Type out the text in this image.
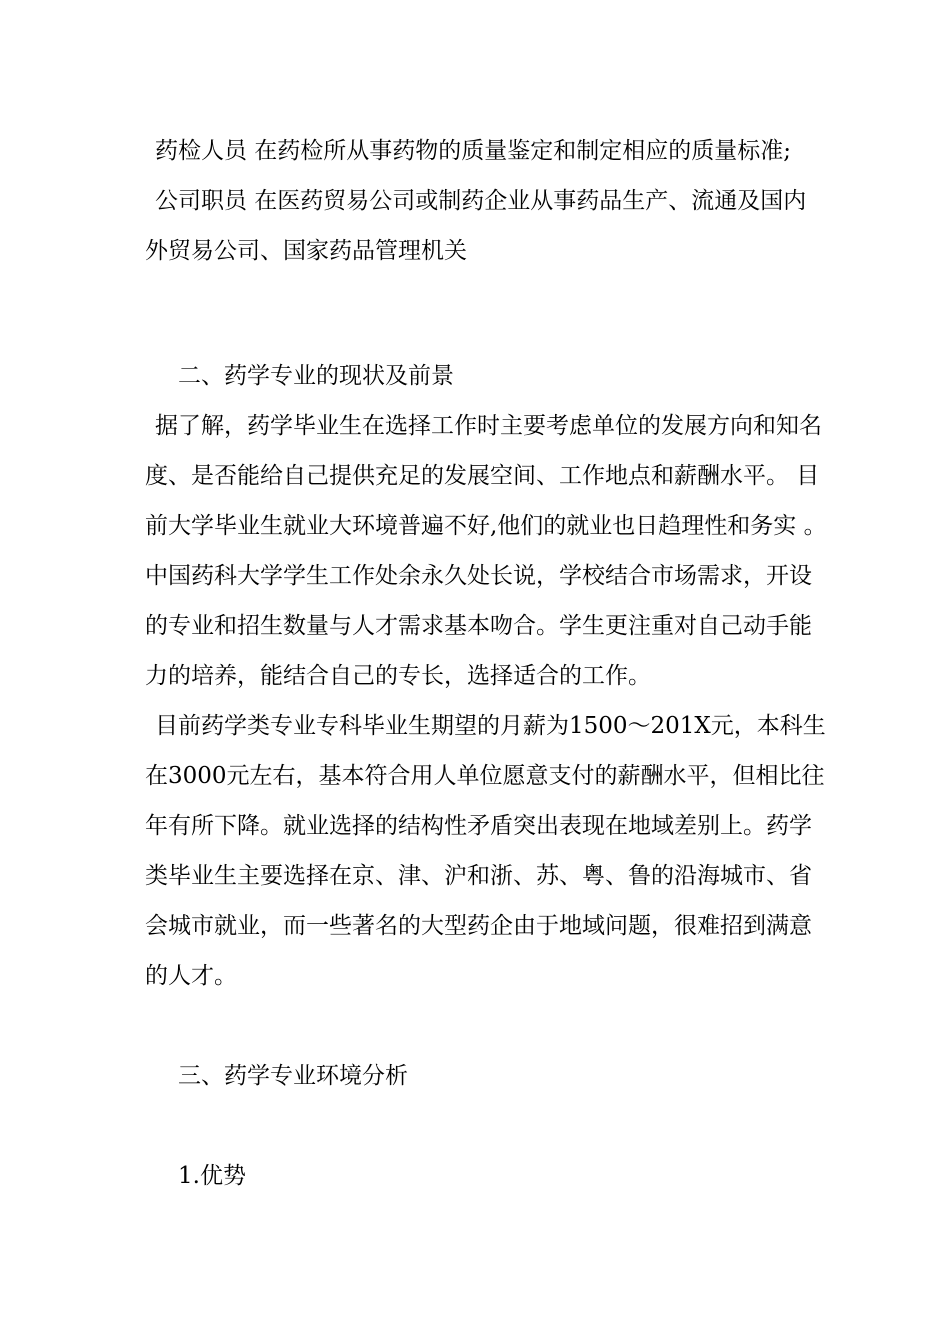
药检人员 在药检所从事药物的质量鉴定和制定相应的质量标准;
公司职员 在医药贸易公司或制药企业从事药品生产、流通及国内
外贸易公司、国家药品管理机关
二、药学专业的现状及前景
据了解，药学毕业生在选择工作时主要考虑单位的发展方向和知名
度、是否能给自己提供充足的发展空间、工作地点和薪酬水平。 目
前大学毕业生就业大环境普遍不好,他们的就业也日趋理性和务实 。
中国药科大学学生工作处余永久处长说，学校结合市场需求，开设
的专业和招生数量与人才需求基本吻合。学生更注重对自己动手能
力的培养，能结合自己的专长，选择适合的工作。
目前药学类专业专科毕业生期望的月薪为1500～201X元，本科生
在3000元左右，基本符合用人单位愿意支付的薪酬水平，但相比往
年有所下降。就业选择的结构性矛盾突出表现在地域差别上。药学
类毕业生主要选择在京、津、沪和浙、苏、粤、鲁的沿海城市、省
会城市就业，而一些著名的大型药企由于地域问题，很难招到满意
的人才。
三、药学专业环境分析
1.优势
